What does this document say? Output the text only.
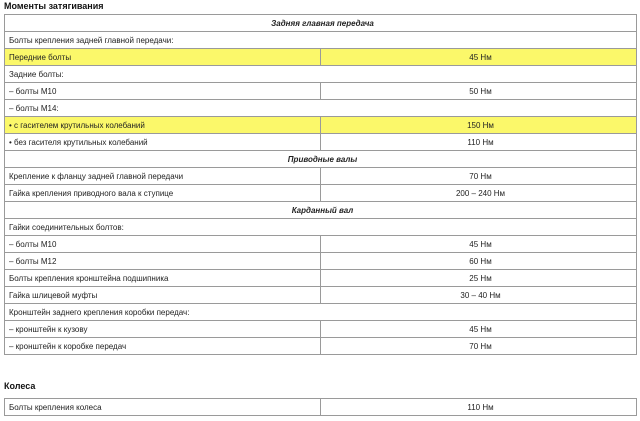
Моменты затягивания
Задняя главная передача	
Болты крепления задней главной передачи:	
Передние болты	45 Нм
Задние болты:	
– болты М10	50 Нм
– болты М14:	
• с гасителем крутильных колебаний	150 Нм
• без гасителя крутильных колебаний	110 Нм
Приводные валы	
Крепление к фланцу задней главной передачи	70 Нм
Гайка крепления приводного вала к ступице	200 – 240 Нм
Карданный вал	
Гайки соединительных болтов:	
– болты М10	45 Нм
– болты М12	60 Нм
Болты крепления кронштейна подшипника	25 Нм
Гайка шлицевой муфты	30 – 40 Нм
Кронштейн заднего крепления коробки передач:	
– кронштейн к кузову	45 Нм
– кронштейн к коробке передач	70 Нм
Колеса
Болты крепления колеса	110 Нм
